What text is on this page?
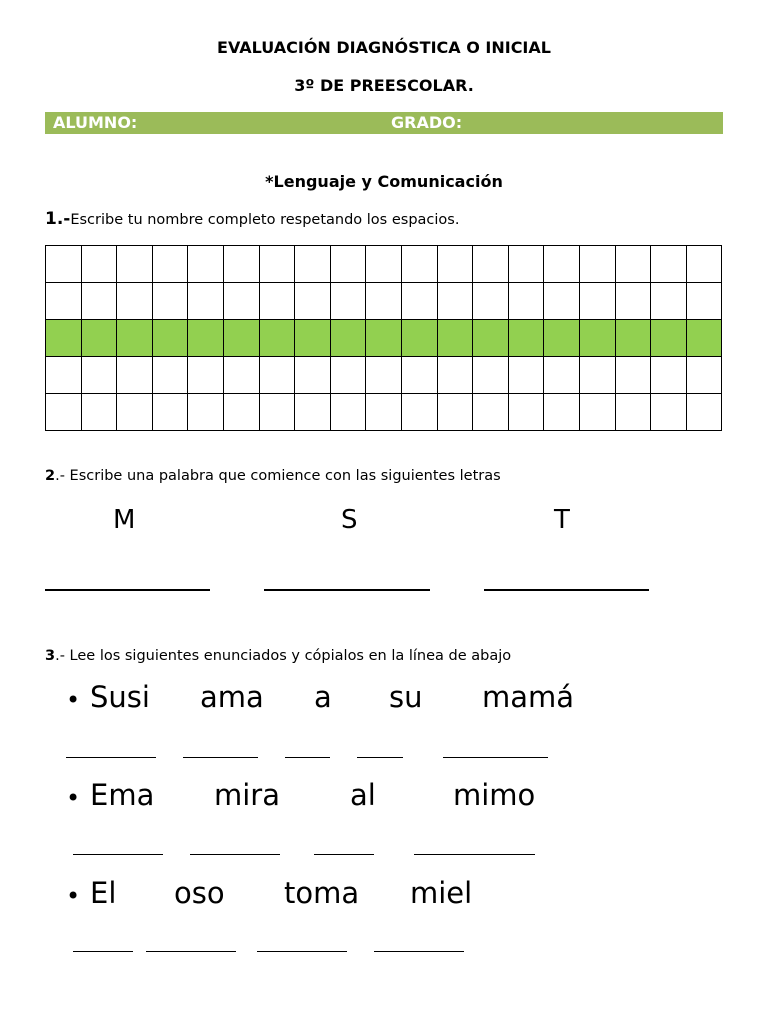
EVALUACIÓN DIAGNÓSTICA O INICIAL
3º DE PREESCOLAR.
ALUMNO:	GRADO:
*Lenguaje y Comunicación
1.-Escribe tu nombre completo respetando los espacios.

2.- Escribe una palabra que comience con las siguientes letras
M	S	T
3.- Lee los siguientes enunciados y cópialos en la línea de abajo
• Susi ama a su mamá
• Ema mira al	mimo
• El oso toma miel
